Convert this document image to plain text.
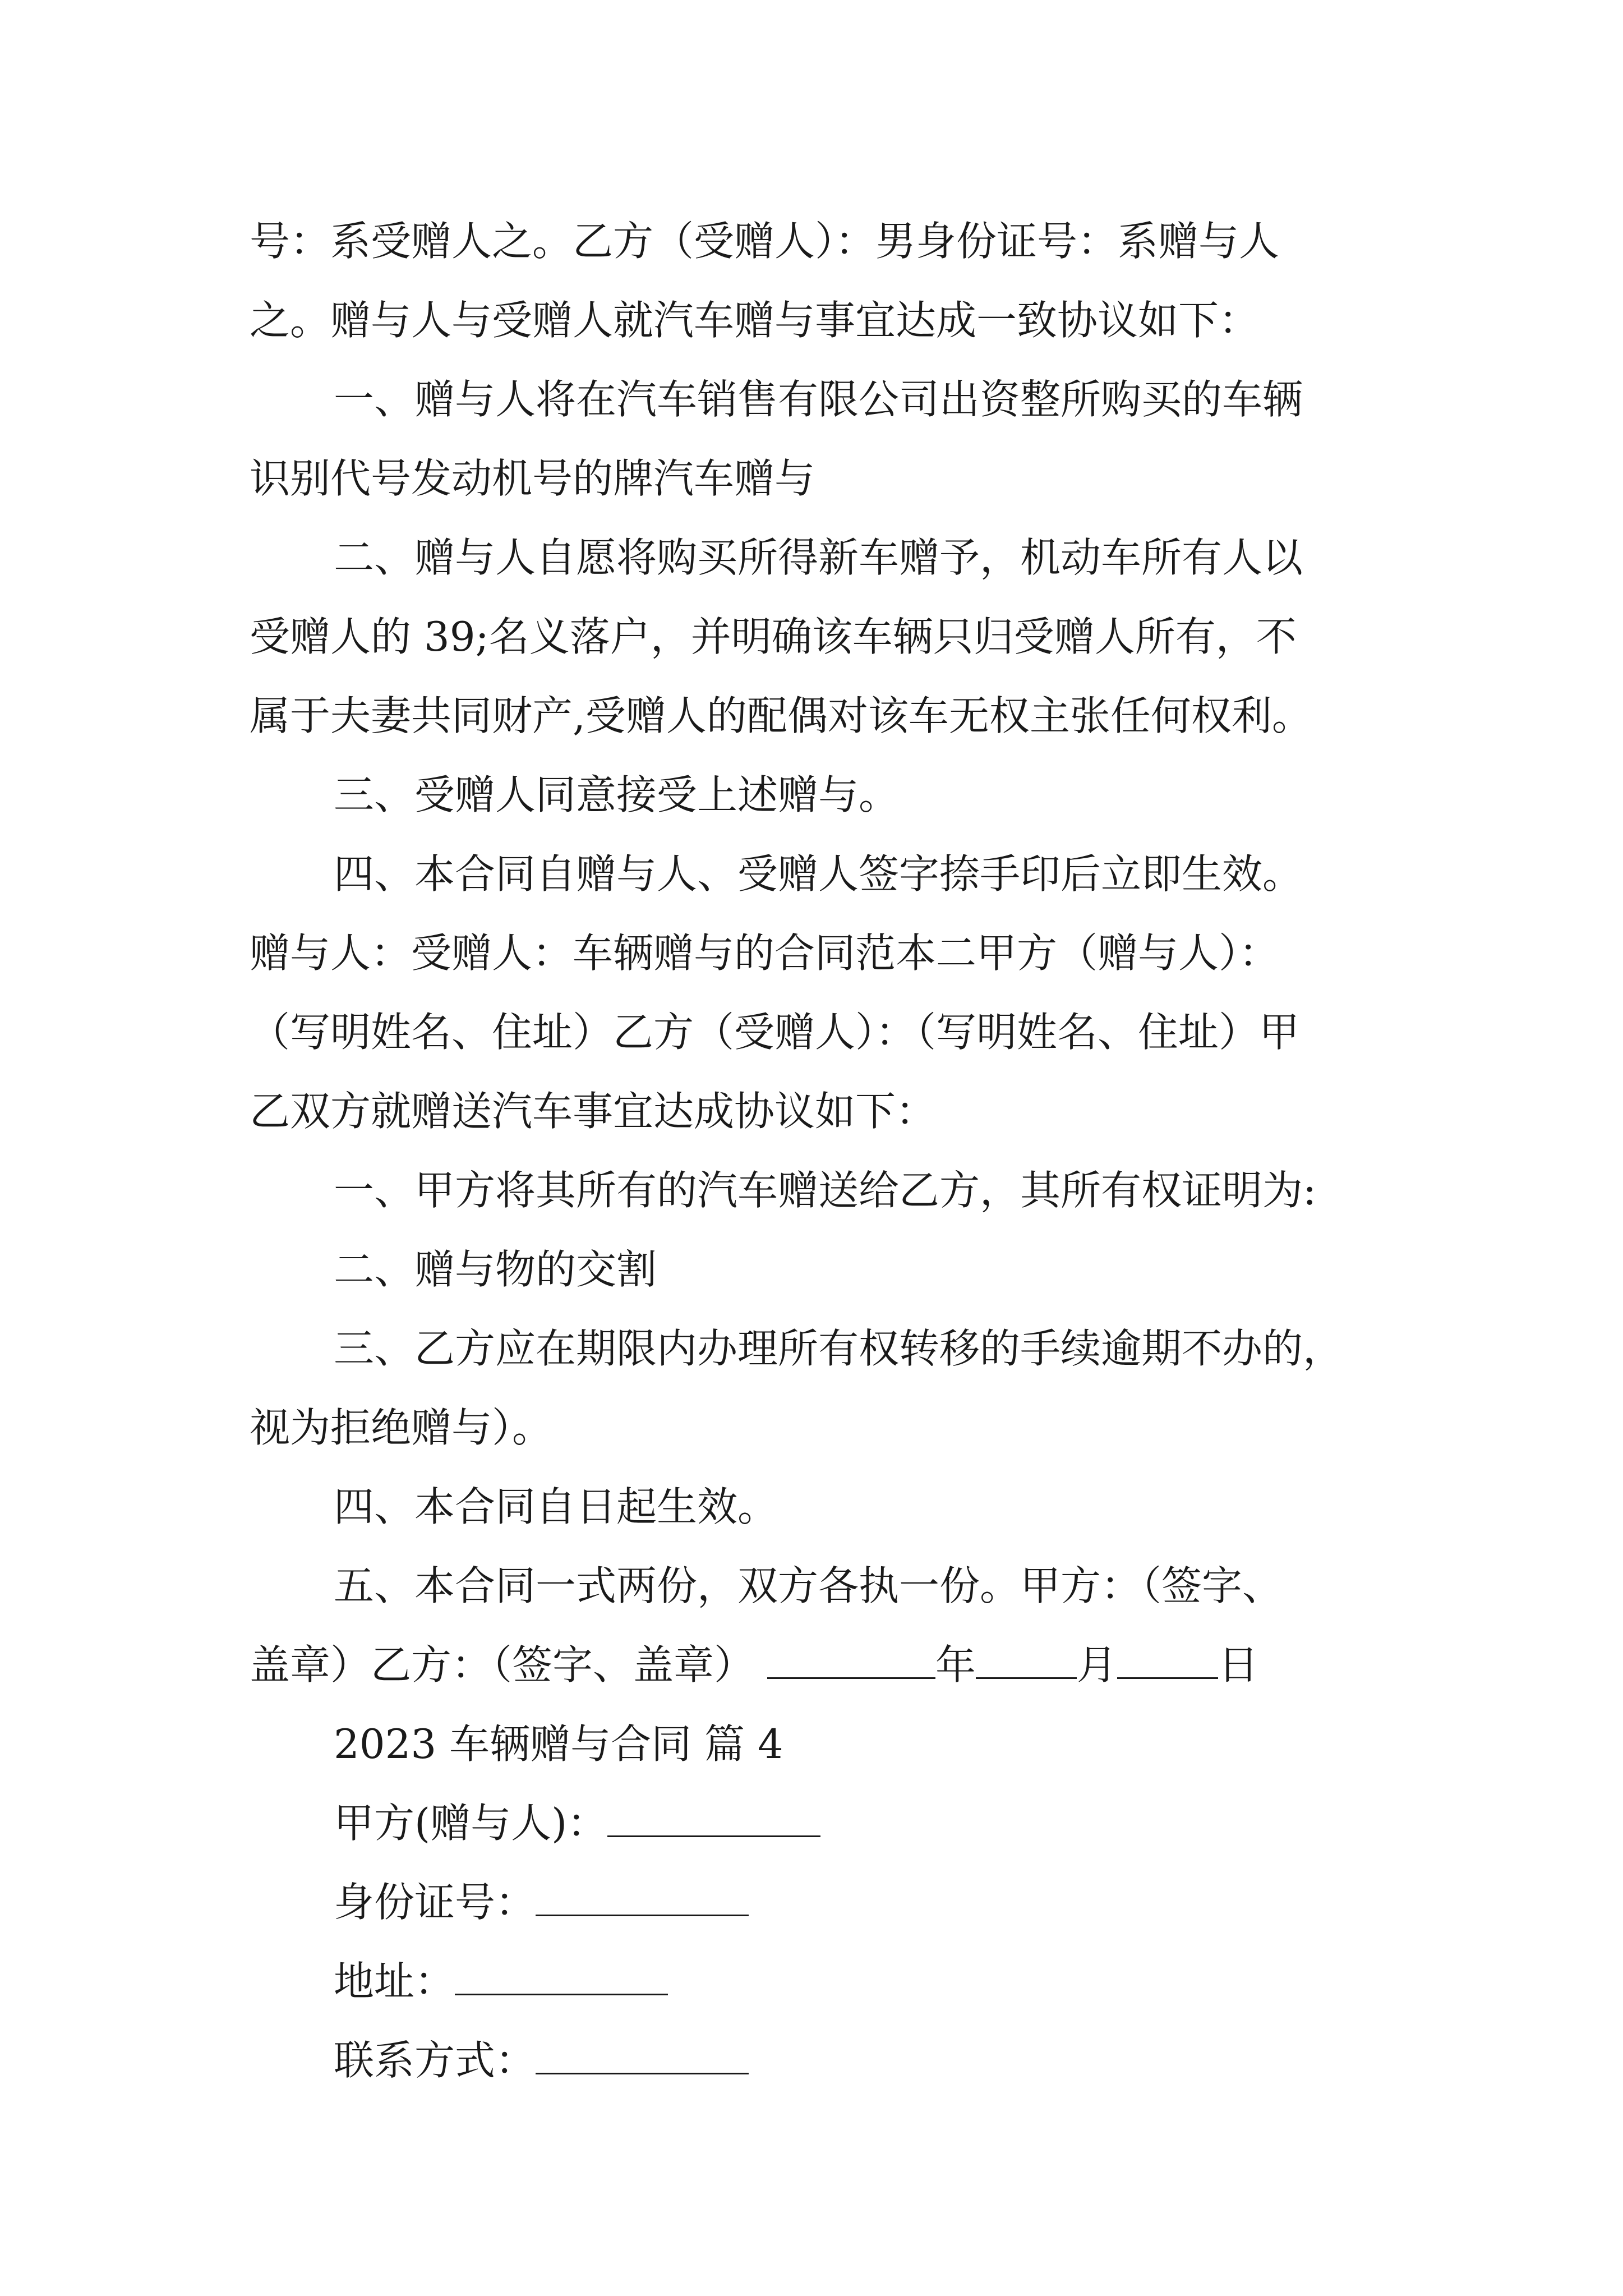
号：系受赠人之。乙方（受赠人）：男身份证号：系赠与人
之。赠与人与受赠人就汽车赠与事宜达成一致协议如下：
一、赠与人将在汽车销售有限公司出资整所购买的车辆
识别代号发动机号的牌汽车赠与
二、赠与人自愿将购买所得新车赠予，机动车所有人以
受赠人的 39;名义落户，并明确该车辆只归受赠人所有，不
属于夫妻共同财产,受赠人的配偶对该车无权主张任何权利。
三、受赠人同意接受上述赠与。
四、本合同自赠与人、受赠人签字捺手印后立即生效。
赠与人：受赠人：车辆赠与的合同范本二甲方（赠与人）：
（写明姓名、住址）乙方（受赠人）：（写明姓名、住址）甲
乙双方就赠送汽车事宜达成协议如下：
一、甲方将其所有的汽车赠送给乙方，其所有权证明为:
二、赠与物的交割
三、乙方应在期限内办理所有权转移的手续逾期不办的，
视为拒绝赠与）。
四、本合同自日起生效。
五、本合同一式两份，双方各执一份。甲方：（签字、
盖章）乙方：（签字、盖章）	年	月	日
2023 车辆赠与合同 篇 4
甲方(赠与人)：
身份证号：
地址：
联系方式：
